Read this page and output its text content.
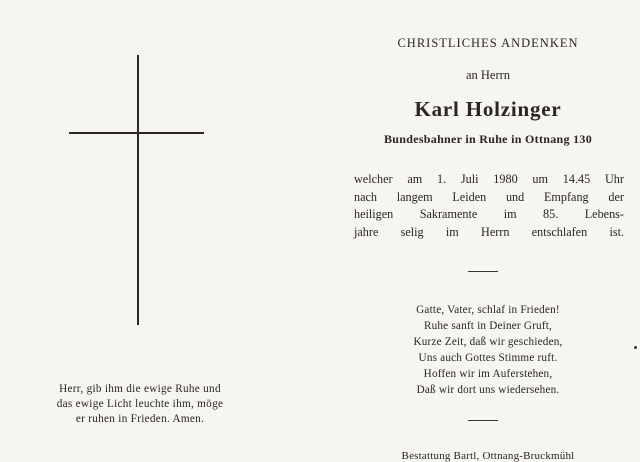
Herr, gib ihm die ewige Ruhe und
das ewige Licht leuchte ihm, möge
er ruhen in Frieden. Amen.
CHRISTLICHES ANDENKEN
an Herrn
Karl Holzinger
Bundesbahner in Ruhe in Ottnang 130
welcher am 1. Juli 1980 um 14.45 Uhr
nach langem Leiden und Empfang der
heiligen Sakramente im 85. Lebens-
jahre selig im Herrn entschlafen ist.
Gatte, Vater, schlaf in Frieden!
Ruhe sanft in Deiner Gruft,
Kurze Zeit, daß wir geschieden,
Uns auch Gottes Stimme ruft.
Hoffen wir im Auferstehen,
Daß wir dort uns wiedersehen.
Bestattung Bartl, Ottnang-Bruckmühl
